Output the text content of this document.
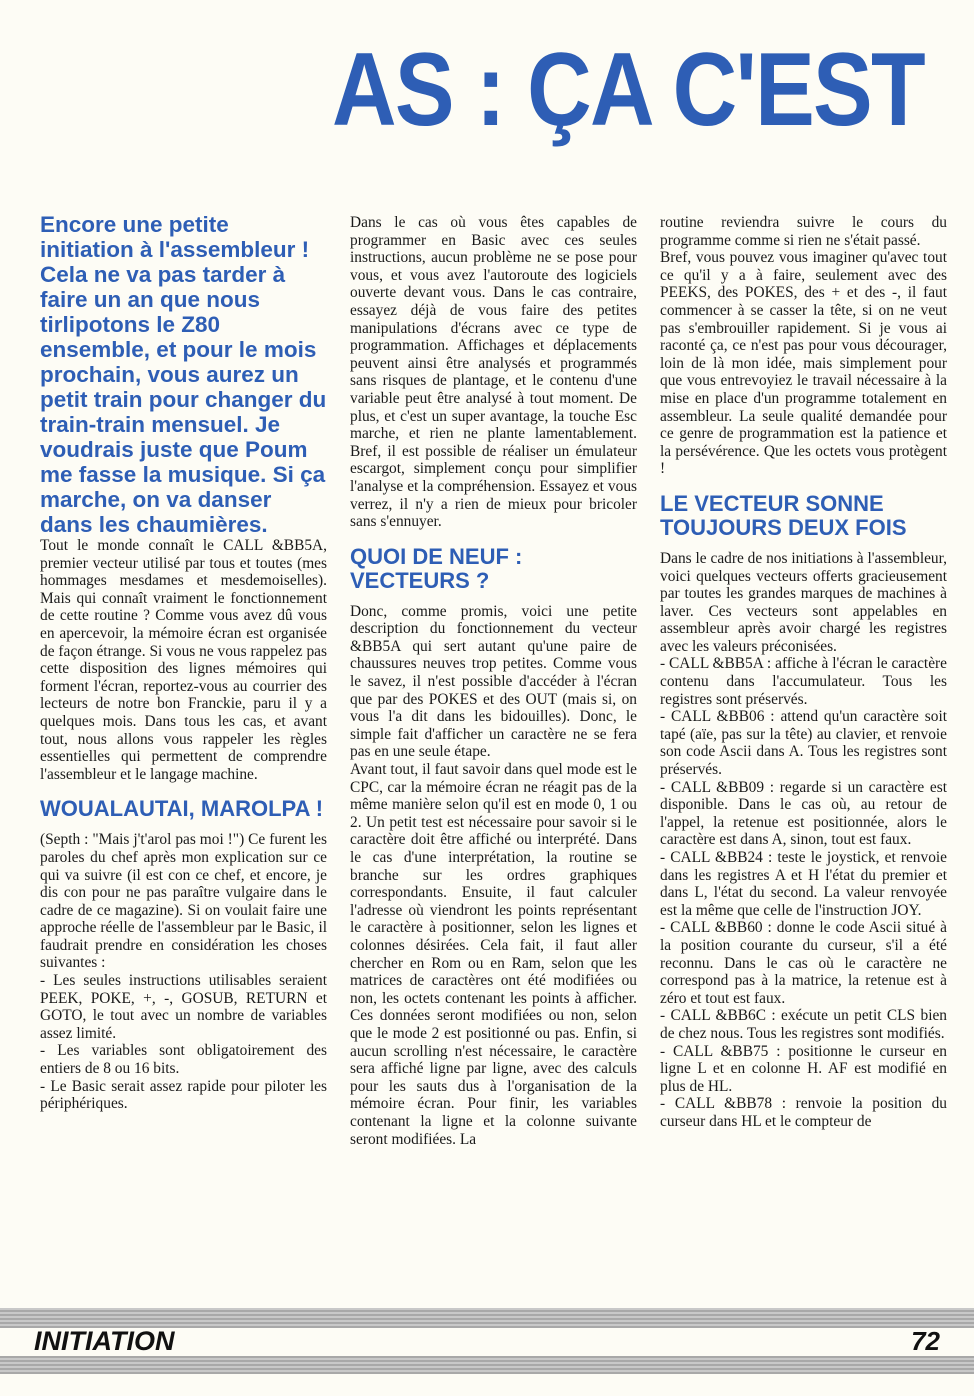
AS : ÇA C'EST

Encore une petite initiation à l'assembleur ! Cela ne va pas tarder à faire un an que nous tirlipotons le Z80 ensemble, et pour le mois prochain, vous aurez un petit train pour changer du train-train mensuel. Je voudrais juste que Poum me fasse la musique. Si ça marche, on va danser dans les chaumières.

Tout le monde connaît le CALL &BB5A, premier vecteur utilisé par tous et toutes (mes hommages mesdames et mesdemoiselles). Mais qui connaît vraiment le fonctionnement de cette routine ? Comme vous avez dû vous en apercevoir, la mémoire écran est organisée de façon étrange. Si vous ne vous rappelez pas cette disposition des lignes mémoires qui forment l'écran, reportez-vous au courrier des lecteurs de notre bon Franckie, paru il y a quelques mois. Dans tous les cas, et avant tout, nous allons vous rappeler les règles essentielles qui permettent de comprendre l'assembleur et le langage machine.

WOUALAUTAI, MAROLPA !

(Septh : "Mais j't'arol pas moi !") Ce furent les paroles du chef après mon explication sur ce qui va suivre (il est con ce chef, et encore, je dis con pour ne pas paraître vulgaire dans le cadre de ce magazine). Si on voulait faire une approche réelle de l'assembleur par le Basic, il faudrait prendre en considération les choses suivantes :

- Les seules instructions utilisables seraient PEEK, POKE, +, -, GOSUB, RETURN et GOTO, le tout avec un nombre de variables assez limité.

- Les variables sont obligatoirement des entiers de 8 ou 16 bits.

- Le Basic serait assez rapide pour piloter les périphériques.

Dans le cas où vous êtes capables de programmer en Basic avec ces seules instructions, aucun problème ne se pose pour vous, et vous avez l'autoroute des logiciels ouverte devant vous. Dans le cas contraire, essayez déjà de vous faire des petites manipulations d'écrans avec ce type de programmation. Affichages et déplacements peuvent ainsi être analysés et programmés sans risques de plantage, et le contenu d'une variable peut être analysé à tout moment. De plus, et c'est un super avantage, la touche Esc marche, et rien ne plante lamentablement. Bref, il est possible de réaliser un émulateur escargot, simplement conçu pour simplifier l'analyse et la compréhension. Essayez et vous verrez, il n'y a rien de mieux pour bricoler sans s'ennuyer.

QUOI DE NEUF : VECTEURS ?

Donc, comme promis, voici une petite description du fonctionnement du vecteur &BB5A qui sert autant qu'une paire de chaussures neuves trop petites. Comme vous le savez, il n'est possible d'accéder à l'écran que par des POKES et des OUT (mais si, on vous l'a dit dans les bidouilles). Donc, le simple fait d'afficher un caractère ne se fera pas en une seule étape.

Avant tout, il faut savoir dans quel mode est le CPC, car la mémoire écran ne réagit pas de la même manière selon qu'il est en mode 0, 1 ou 2. Un petit test est nécessaire pour savoir si le caractère doit être affiché ou interprété. Dans le cas d'une interprétation, la routine se branche sur les ordres graphiques correspondants. Ensuite, il faut calculer l'adresse où viendront les points représentant le caractère à positionner, selon les lignes et colonnes désirées. Cela fait, il faut aller chercher en Rom ou en Ram, selon que les matrices de caractères ont été modifiées ou non, les octets contenant les points à afficher. Ces données seront modifiées ou non, selon que le mode 2 est positionné ou pas. Enfin, si aucun scrolling n'est nécessaire, le caractère sera affiché ligne par ligne, avec des calculs pour les sauts dus à l'organisation de la mémoire écran. Pour finir, les variables contenant la ligne et la colonne suivante seront modifiées. La

routine reviendra suivre le cours du programme comme si rien ne s'était passé.

Bref, vous pouvez vous imaginer qu'avec tout ce qu'il y a à faire, seulement avec des PEEKS, des POKES, des + et des -, il faut commencer à se casser la tête, si on ne veut pas s'embrouiller rapidement. Si je vous ai raconté ça, ce n'est pas pour vous décourager, loin de là mon idée, mais simplement pour que vous entrevoyiez le travail nécessaire à la mise en place d'un programme totalement en assembleur. La seule qualité demandée pour ce genre de programmation est la patience et la persévérence. Que les octets vous protègent !

LE VECTEUR SONNE TOUJOURS DEUX FOIS

Dans le cadre de nos initiations à l'assembleur, voici quelques vecteurs offerts gracieusement par toutes les grandes marques de machines à laver. Ces vecteurs sont appelables en assembleur après avoir chargé les registres avec les valeurs préconisées.

- CALL &BB5A : affiche à l'écran le caractère contenu dans l'accumulateur. Tous les registres sont préservés.

- CALL &BB06 : attend qu'un caractère soit tapé (aïe, pas sur la tête) au clavier, et renvoie son code Ascii dans A. Tous les registres sont préservés.

- CALL &BB09 : regarde si un caractère est disponible. Dans le cas où, au retour de l'appel, la retenue est positionnée, alors le caractère est dans A, sinon, tout est faux.

- CALL &BB24 : teste le joystick, et renvoie dans les registres A et H l'état du premier et dans L, l'état du second. La valeur renvoyée est la même que celle de l'instruction JOY.

- CALL &BB60 : donne le code Ascii situé à la position courante du curseur, s'il a été reconnu. Dans le cas où le caractère ne correspond pas à la matrice, la retenue est à zéro et tout est faux.

- CALL &BB6C : exécute un petit CLS bien de chez nous. Tous les registres sont modifiés.

- CALL &BB75 : positionne le curseur en ligne L et en colonne H. AF est modifié en plus de HL.

- CALL &BB78 : renvoie la position du curseur dans HL et le compteur de

INITIATION	72
